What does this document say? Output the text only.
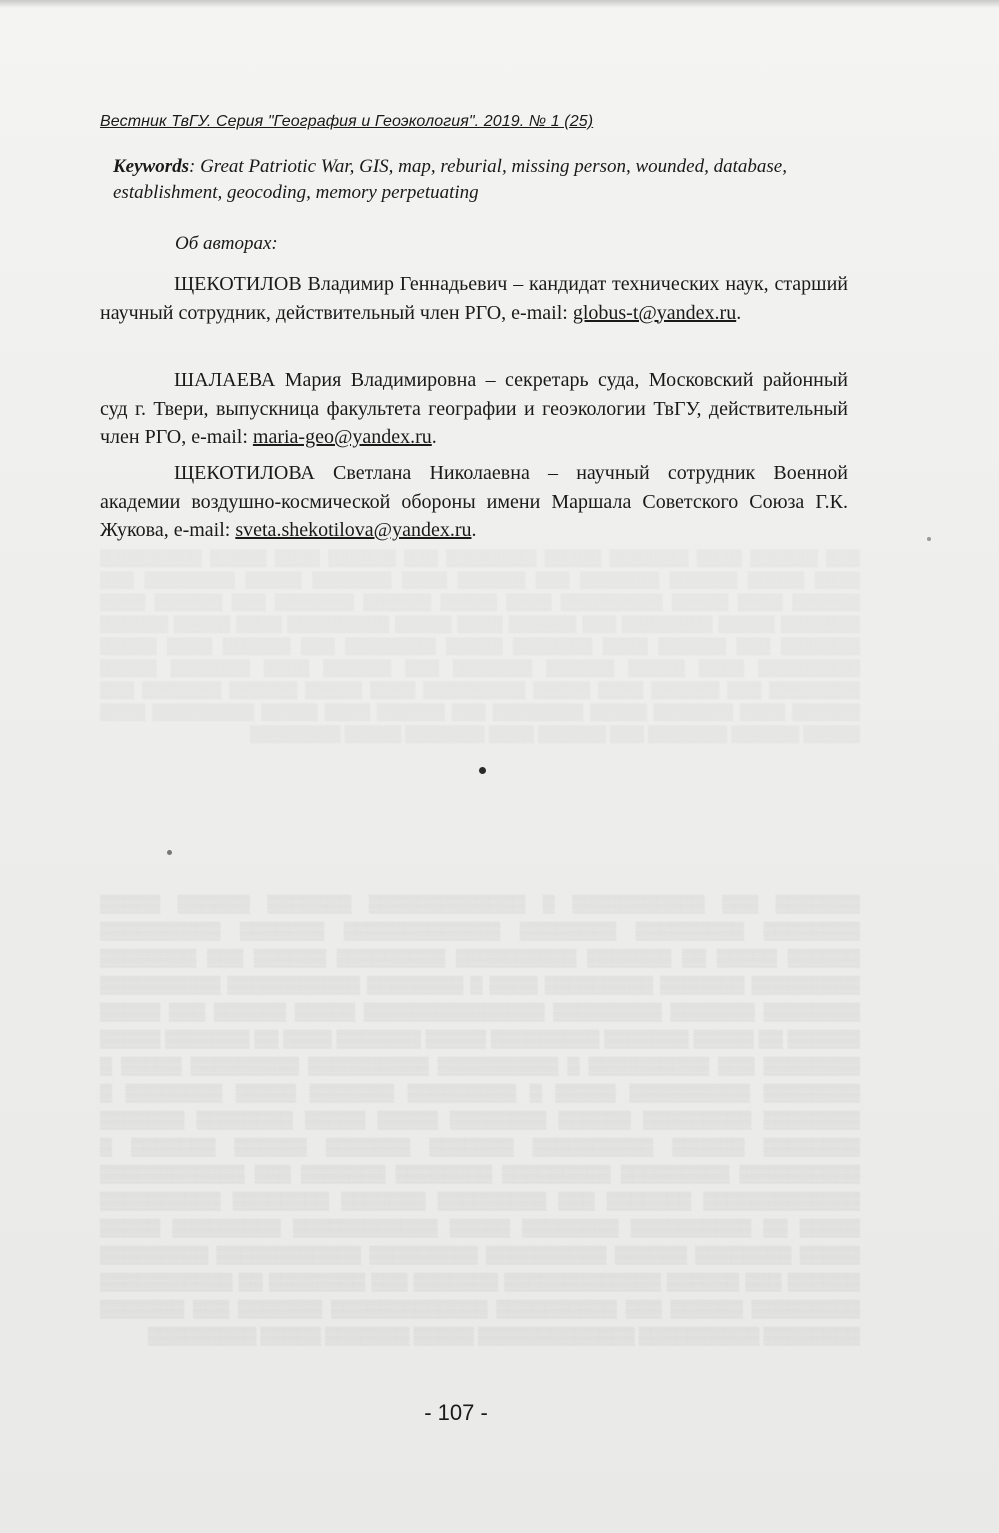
Вестник ТвГУ. Серия "География и Геоэкология". 2019. № 1 (25)
Keywords: Great Patriotic War, GIS, map, reburial, missing person, wounded, database, establishment, geocoding, memory perpetuating
Об авторах:
ЩЕКОТИЛОВ Владимир Геннадьевич – кандидат технических наук, старший научный сотрудник, действительный член РГО, e-mail: globus-t@yandex.ru.
ШАЛАЕВА Мария Владимировна – секретарь суда, Московский районный суд г. Твери, выпускница факультета географии и геоэкологии ТвГУ, действительный член РГО, e-mail: maria-geo@yandex.ru.
ЩЕКОТИЛОВА Светлана Николаевна – научный сотрудник Военной академии воздушно-космической обороны имени Маршала Советского Союза Г.К. Жукова, e-mail: sveta.shekotilova@yandex.ru.
▒▒▒ ▒▒▒▒▒▒ ▒▒▒▒ ▒▒▒▒▒▒▒ ▒▒▒▒▒ ▒▒▒▒▒▒▒▒ ▒▒▒ ▒▒▒▒▒▒ ▒▒▒▒ ▒▒▒▒▒ ▒▒▒▒▒▒▒▒▒ ▒▒▒▒ ▒▒▒▒▒ ▒▒▒▒▒▒ ▒▒▒▒▒▒▒ ▒▒▒ ▒▒▒▒▒▒ ▒▒▒▒ ▒▒▒▒▒▒▒ ▒▒▒▒▒ ▒▒▒▒▒▒▒▒ ▒▒▒ ▒▒▒▒▒▒ ▒▒▒▒ ▒▒▒▒▒ ▒▒▒▒▒▒▒▒▒ ▒▒▒▒ ▒▒▒▒▒ ▒▒▒▒▒▒ ▒▒▒▒▒▒▒ ▒▒▒ ▒▒▒▒▒▒ ▒▒▒▒ ▒▒▒▒▒▒▒ ▒▒▒▒▒ ▒▒▒▒▒▒▒▒ ▒▒▒ ▒▒▒▒▒▒ ▒▒▒▒ ▒▒▒▒▒ ▒▒▒▒▒▒▒▒▒ ▒▒▒▒ ▒▒▒▒▒ ▒▒▒▒▒▒ ▒▒▒▒▒▒▒ ▒▒▒ ▒▒▒▒▒▒ ▒▒▒▒ ▒▒▒▒▒▒▒ ▒▒▒▒▒ ▒▒▒▒▒▒▒▒ ▒▒▒ ▒▒▒▒▒▒ ▒▒▒▒ ▒▒▒▒▒ ▒▒▒▒▒▒▒▒▒ ▒▒▒▒ ▒▒▒▒▒ ▒▒▒▒▒▒ ▒▒▒▒▒▒▒ ▒▒▒ ▒▒▒▒▒▒ ▒▒▒▒ ▒▒▒▒▒▒▒ ▒▒▒▒▒ ▒▒▒▒▒▒▒▒ ▒▒▒ ▒▒▒▒▒▒ ▒▒▒▒ ▒▒▒▒▒ ▒▒▒▒▒▒▒▒▒ ▒▒▒▒ ▒▒▒▒▒ ▒▒▒▒▒▒ ▒▒▒▒▒▒▒ ▒▒▒ ▒▒▒▒▒▒ ▒▒▒▒ ▒▒▒▒▒▒▒ ▒▒▒▒▒ ▒▒▒▒▒▒▒▒ ▒▒▒ ▒▒▒▒▒▒ ▒▒▒▒ ▒▒▒▒▒ ▒▒▒▒▒▒▒▒▒ ▒▒▒▒ ▒▒▒▒▒ ▒▒▒▒▒▒ ▒▒▒▒▒▒▒ ▒▒▒ ▒▒▒▒▒▒ ▒▒▒▒ ▒▒▒▒▒▒▒ ▒▒▒▒▒ ▒▒▒▒▒▒▒▒
▒▒▒▒▒▒▒ ▒▒▒ ▒▒▒▒▒▒▒▒▒▒▒ ▒ ▒▒▒▒▒▒▒▒▒▒▒▒▒ ▒▒▒▒▒▒▒ ▒▒▒▒▒▒ ▒▒▒▒▒ ▒▒▒▒▒▒▒▒ ▒▒▒▒▒▒▒▒▒ ▒▒▒▒▒▒▒▒ ▒▒▒▒▒▒▒▒▒▒▒▒▒ ▒▒▒▒▒▒▒ ▒▒▒▒▒▒▒▒▒▒ ▒▒▒▒▒▒ ▒▒▒▒▒ ▒▒ ▒▒▒▒▒▒▒ ▒▒▒▒▒▒▒▒▒▒ ▒▒▒▒▒▒▒▒▒ ▒▒▒▒▒▒ ▒▒▒ ▒▒▒▒▒▒▒▒ ▒▒▒▒▒▒▒▒▒ ▒▒▒▒▒▒▒ ▒▒▒▒▒▒▒▒▒ ▒▒▒▒ ▒ ▒▒▒▒▒▒▒▒ ▒▒▒▒▒▒▒▒▒▒▒ ▒▒▒▒▒▒▒▒▒▒ ▒▒▒▒▒▒▒▒ ▒▒▒▒▒▒▒ ▒▒▒▒▒▒▒▒▒ ▒▒▒▒▒▒▒▒▒▒▒▒▒▒▒ ▒▒▒▒▒ ▒▒▒▒▒▒ ▒▒▒ ▒▒▒▒▒ ▒▒▒▒▒▒ ▒▒ ▒▒▒▒▒ ▒▒▒▒▒▒▒ ▒▒▒▒▒▒▒▒▒ ▒▒▒▒▒ ▒▒▒▒▒▒▒ ▒▒▒▒ ▒▒ ▒▒▒▒▒▒▒ ▒▒▒▒▒ ▒▒▒▒▒▒▒▒ ▒▒▒ ▒▒▒▒▒▒▒▒▒▒ ▒ ▒▒▒▒▒▒▒▒▒▒ ▒▒▒▒▒▒▒▒▒▒ ▒▒▒▒▒▒▒▒▒ ▒▒▒▒▒ ▒ ▒▒▒▒▒▒▒▒ ▒▒▒▒▒▒▒▒▒▒ ▒▒▒▒▒ ▒ ▒▒▒▒▒▒▒▒▒ ▒▒▒▒▒▒▒ ▒▒▒▒▒ ▒▒▒▒▒▒▒▒ ▒ ▒▒▒▒▒▒▒▒ ▒▒▒▒▒▒▒▒▒ ▒▒▒▒▒▒ ▒▒▒▒▒▒▒▒ ▒▒▒▒▒ ▒▒▒▒▒ ▒▒▒▒▒▒▒▒ ▒▒▒▒▒▒▒ ▒▒▒▒▒▒▒▒ ▒▒▒▒▒▒ ▒▒▒▒▒▒▒▒▒▒ ▒▒▒▒▒▒▒ ▒▒▒▒▒▒▒ ▒▒▒▒▒▒ ▒▒▒▒▒▒▒ ▒ ▒▒▒▒▒▒▒▒▒▒ ▒▒▒▒▒▒▒▒▒ ▒▒▒▒▒▒▒▒▒ ▒▒▒▒▒▒▒▒ ▒▒▒▒▒▒▒ ▒▒▒ ▒▒▒▒▒▒▒▒▒▒▒▒ ▒▒▒▒▒▒▒▒▒▒▒▒▒ ▒▒▒▒▒▒▒ ▒▒▒ ▒▒▒▒▒▒▒▒▒ ▒▒▒▒▒▒▒ ▒▒▒▒▒▒▒▒ ▒▒▒▒▒▒▒▒▒▒ ▒▒▒▒▒ ▒▒ ▒▒▒▒▒▒▒▒▒▒ ▒▒▒▒▒▒▒▒ ▒▒▒▒▒ ▒▒▒▒▒▒▒▒▒▒▒▒ ▒▒▒▒▒▒▒▒▒ ▒▒▒▒▒ ▒▒▒▒▒ ▒▒▒▒▒▒▒▒ ▒▒▒▒▒▒ ▒▒▒▒▒▒▒▒▒▒ ▒▒▒▒▒▒▒▒▒ ▒▒▒▒▒▒▒▒▒▒▒▒ ▒▒▒▒▒▒▒▒▒ ▒▒▒▒▒▒ ▒▒▒ ▒▒▒▒▒▒ ▒▒▒▒▒▒▒▒▒▒▒▒▒ ▒▒▒▒▒▒▒ ▒▒▒ ▒▒▒▒▒▒▒▒ ▒▒ ▒▒▒▒▒▒▒▒▒▒▒ ▒▒▒▒▒▒▒▒▒ ▒▒▒▒▒▒ ▒▒▒ ▒▒▒▒▒▒▒▒▒▒ ▒▒▒▒▒▒▒▒▒▒▒▒▒ ▒▒▒▒▒▒▒ ▒▒▒ ▒▒▒▒▒▒▒ ▒▒▒▒▒▒▒▒ ▒▒▒▒▒▒▒▒▒▒ ▒▒▒▒▒▒▒▒▒▒▒▒▒ ▒▒▒▒▒ ▒▒▒▒▒▒▒ ▒▒▒▒▒ ▒▒▒▒▒▒▒▒▒
- 107 -
